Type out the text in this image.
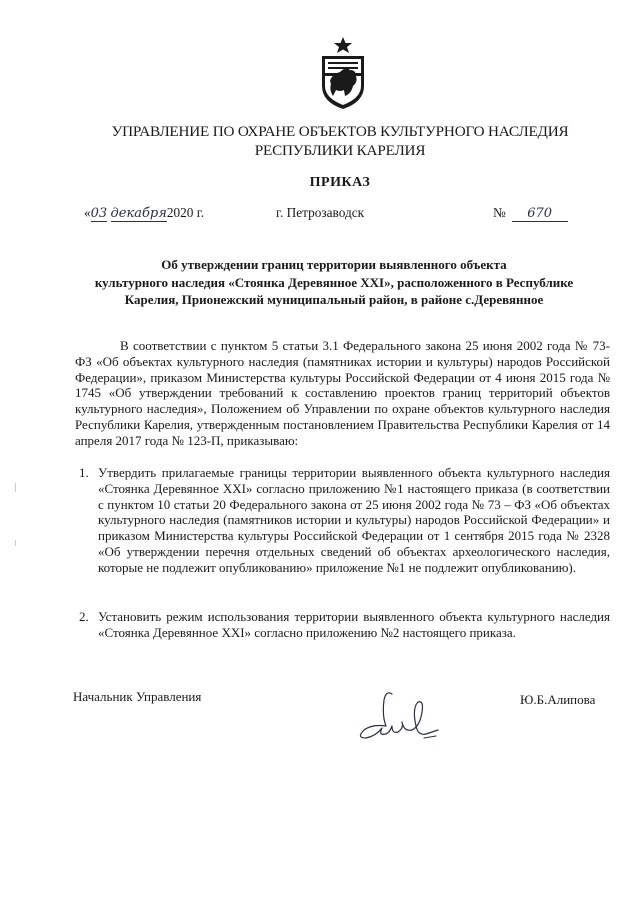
УПРАВЛЕНИЕ ПО ОХРАНЕ ОБЪЕКТОВ КУЛЬТУРНОГО НАСЛЕДИЯ
РЕСПУБЛИКИ КАРЕЛИЯ
ПРИКАЗ
«03 декабря2020 г.	г. Петрозаводск	№ 670
Об утверждении границ территории выявленного объекта
культурного наследия «Стоянка Деревянное XXI», расположенного в Республике
Карелия, Прионежский муниципальный район, в районе с.Деревянное
В соответствии с пунктом 5 статьи 3.1 Федерального закона 25 июня 2002 года № 73-ФЗ «Об объектах культурного наследия (памятниках истории и культуры) народов Российской Федерации», приказом Министерства культуры Российской Федерации от 4 июня 2015 года № 1745 «Об утверждении требований к составлению проектов границ территорий объектов культурного наследия», Положением об Управлении по охране объектов культурного наследия Республики Карелия, утвержденным постановлением Правительства Республики Карелия от 14 апреля 2017 года № 123-П, приказываю:
1. Утвердить прилагаемые границы территории выявленного объекта культурного наследия «Стоянка Деревянное XXI» согласно приложению №1 настоящего приказа (в соответствии с пунктом 10 статьи 20 Федерального закона от 25 июня 2002 года № 73 – ФЗ «Об объектах культурного наследия (памятников истории и культуры) народов Российской Федерации» и приказом Министерства культуры Российской Федерации от 1 сентября 2015 года № 2328 «Об утверждении перечня отдельных сведений об объектах археологического наследия, которые не подлежит опубликованию» приложение №1 не подлежит опубликованию).
2. Установить режим использования территории выявленного объекта культурного наследия «Стоянка Деревянное XXI» согласно приложению №2 настоящего приказа.
Начальник Управления	Ю.Б.Алипова
